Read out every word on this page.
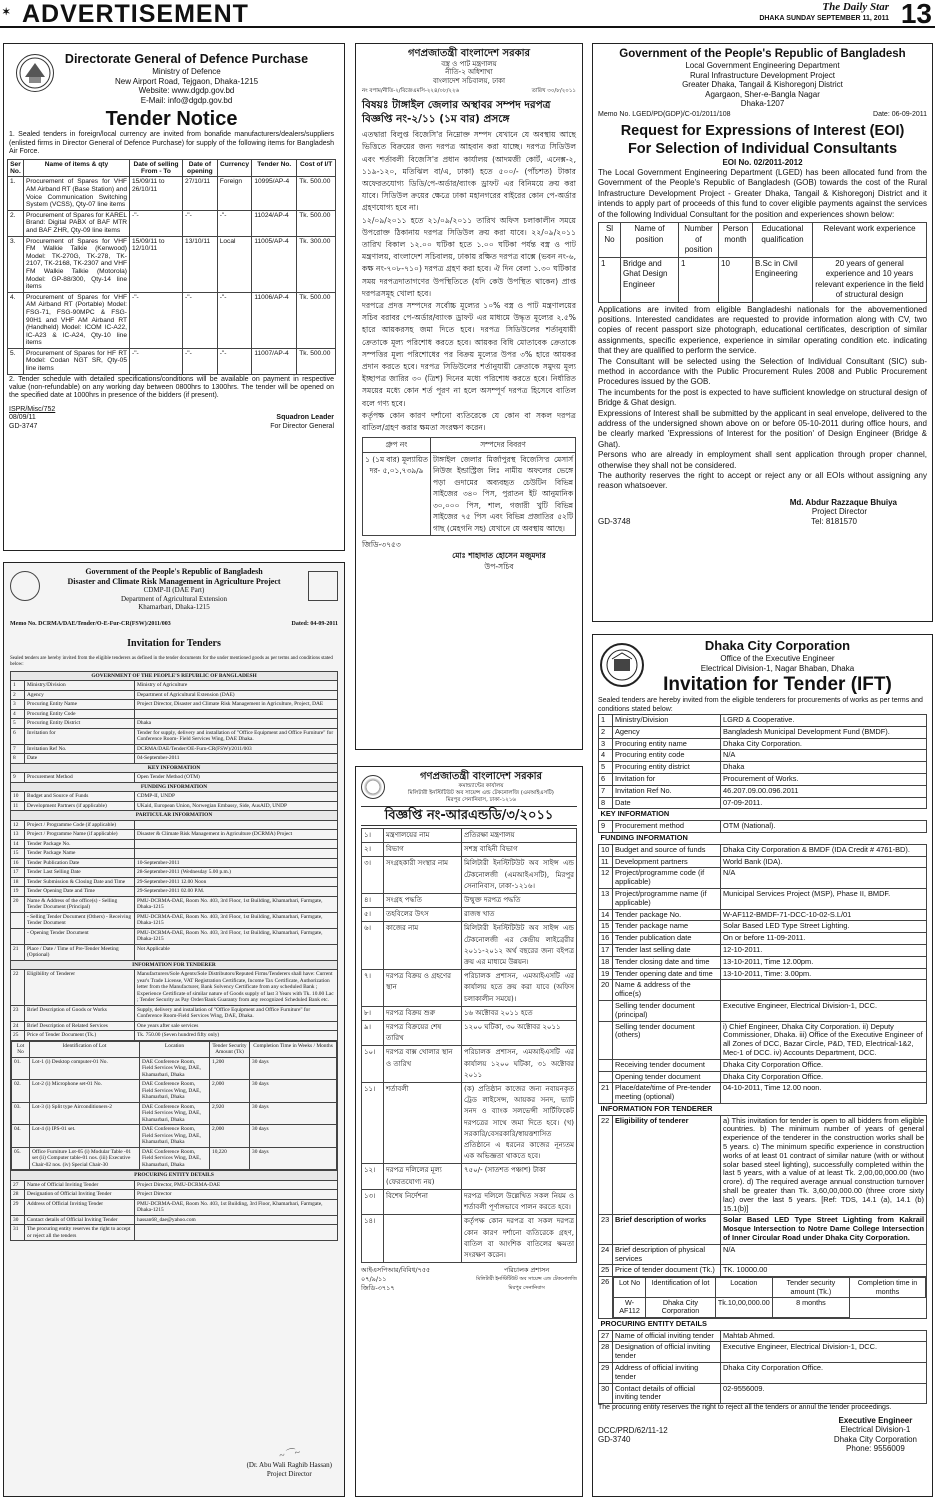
✶ ADVERTISEMENT	The Daily Star
DHAKA SUNDAY SEPTEMBER 11, 2011 13
Directorate General of Defence Purchase
Ministry of Defence
New Airport Road, Tejgaon, Dhaka-1215
Website: www.dgdp.gov.bd
E-Mail: info@dgdp.gov.bd
Tender Notice
1. Sealed tenders in foreign/local currency are invited from bonafide manufacturers/dealers/suppliers (enlisted firms in Director General of Defence Purchase) for supply of the following items for Bangladesh Air Force.
Ser No.	Name of items & qty	Date of selling From - To	Date of opening	Currency	Tender No.	Cost of I/T
1.	Procurement of Spares for VHF AM Airband RT (Base Station) and Voice Communication Switching System (VCSS), Qty-07 line items	15/09/11 to 26/10/11	27/10/11	Foreign	10995/AP-4	Tk. 500.00
2.	Procurement of Spares for KAREL Brand: Digital PABX of BAF MTR and BAF ZHR, Qty-09 line items	-"-	-"-	-"-	11024/AP-4	Tk. 500.00
3.	Procurement of Spares for VHF FM Walkie Talkie (Kenwood) Model: TK-270G, TK-278, TK-2107, TK-2168, TK-2307 and VHF FM Walkie Talkie (Motorola) Model: GP-88/300, Qty-14 line items	15/09/11 to 12/10/11	13/10/11	Local	11005/AP-4	Tk. 300.00
4.	Procurement of Spares for VHF AM Airband RT (Portable) Model: FSG-71, FSG-90MPC & FSG-90H1 and VHF AM Airband RT (Handheld) Model: ICOM IC-A22, IC-A23 & IC-A24, Qty-10 line items	-"-	-"-	-"-	11006/AP-4	Tk. 500.00
5.	Procurement of Spares for HF RT Model: Codan NGT SR, Qty-05 line items	-"-	-"-	-"-	11007/AP-4	Tk. 500.00
2. Tender schedule with detailed specifications/conditions will be available on payment in respective value (non-refundable) on any working day between 0800hrs to 1300hrs. The tender will be opened on the specified date at 1000hrs in presence of the bidders (if present).
ISPR/Misc/752
08/09/11	Squadron Leader
GD-3747	For Director General
Government of the People's Republic of Bangladesh
Disaster and Climate Risk Management in Agriculture Project
CDMP-II (DAE Part)
Department of Agricultural Extension
Khamarbari, Dhaka-1215
Memo No. DCRMA/DAE/Tender/O-E-Fur-CR(FSW)/2011/003	Dated: 04-09-2011
Invitation for Tenders
Sealed tenders are hereby invited from the eligible tenderers as defined in the tender documents for the under mentioned goods as per terms and conditions stated below:
GOVERNMENT OF THE PEOPLE'S REPUBLIC OF BANGLADESH
1	Ministry/Division	Ministry of Agriculture
2	Agency	Department of Agricultural Extension (DAE)
3	Procuring Entity Name	Project Director, Disaster and Climate Risk Management in Agriculture, Project, DAE
4	Procuring Entity Code	
5	Procuring Entity District	Dhaka
6	Invitation for	Tender for supply, delivery and installation of "Office Equipment and Office Furniture" for Conference Room- Field Services Wing, DAE Dhaka.
7	Invitation Ref No.	DCRMA/DAE/Tender/OE-Furn-CR(FSW)/2011/003
8	Date	04-September-2011
KEY INFORMATION
9	Procurement Method	Open Tender Method (OTM)
FUNDING INFORMATION
10	Budget and Source of Funds	CDMP-II, UNDP
11	Development Partners (if applicable)	UKaid, European Union, Norwegian Embassy, Side, AusAID, UNDP
PARTICULAR INFORMATION
12	Project / Programme Code (if applicable)	
13	Project / Programme Name (if applicable)	Disaster & Climate Risk Management in Agriculture (DCRMA) Project
14	Tender Package No.	
15	Tender Package Name	
16	Tender Publication Date	10-September-2011
17	Tender Last Selling Date	28-September-2011 (Wednesday 5.00 p.m.)
18	Tender Submission & Closing Date and Time	29-September-2011 12.00 Noon
19	Tender Opening Date and Time	29-September-2011 02.00 P.M.
20	Name & Address of the office(s) - Selling Tender Document (Principal)	PMU-DCRMA-DAE, Room No. 403, 3rd Floor, 1st Building, Khamarbari, Farmgate, Dhaka-1215
	- Selling Tender Document (Others) - Receiving Tender Document	PMU-DCRMA-DAE, Room No. 403, 3rd Floor, 1st Building, Khamarbari, Farmgate, Dhaka-1215
	- Opening Tender Document	PMU-DCRMA-DAE, Room No. 403, 3rd Floor, 1st Building, Khamarbari, Farmgate, Dhaka-1215
21	Place / Date / Time of Pre-Tender Meeting (Optional)	Not Applicable
INFORMATION FOR TENDERER
22	Eligibility of Tenderer	Manufacturers/Sole Agents/Sole Distributors/Reputed Firms/Tenderers shall have: Current year's Trade License, VAT Registration Certificate, Income Tax Certificate, Authorization letter from the Manufacturer, Bank Solvency Certificate from any scheduled Bank ; Experience Certificate of similar nature of Goods supply of last 3 Years with Tk. 10.00 Lac ; Tender Security as Pay Order/Bank Guaranty from any recognized Scheduled Bank etc.
23	Brief Description of Goods or Works	Supply, delivery and installation of "Office Equipment and Office Furniture" for Conference Room-Field Services Wing, DAE, Dhaka.
24	Brief Description of Related Services	One years after sale services
25	Price of Tender Document (Tk.)	Tk. 750.00 (Seven hundred fifty only)

Lot No	Identification of Lot	Location	Tender Security Amount (Tk)	Completion Time in Weeks / Months
01.	Lot-1 (i) Desktop computer-01 No.	DAE Conference Room, Field Services Wing, DAE, Khamarbari, Dhaka	1,200	30 days
02.	Lot-2 (i) Microphone set-01 No.	DAE Conference Room, Field Services Wing, DAE, Khamarbari, Dhaka	2,000	30 days
03.	Lot-3 (i) Split type Airconditioners-2	DAE Conference Room, Field Services Wing, DAE, Khamarbari, Dhaka	2,920	30 days
04.	Lot-4 (i) IPS-01 set.	DAE Conference Room, Field Services Wing, DAE, Khamarbari, Dhaka	2,000	30 days
05.	Office Furniture Lot-05 (i) Modular Table -01 set (ii) Computer table-01 nos. (iii) Executive Chair-02 nos. (iv) Special Chair-30	DAE Conference Room, Field Services Wing, DAE, Khamarbari, Dhaka	10,220	30 days

PROCURING ENTITY DETAILS
27	Name of Official Inviting Tender	Project Director, PMU-DCRMA-DAE
28	Designation of Official Inviting Tender	Project Director
29	Address of Official Inviting Tender	PMU-DCRMA-DAE, Room No. 403, 1st Building, 3rd Floor, Khamarbari, Farmgate, Dhaka-1215
30	Contact details of Official Inviting Tender	hassan68_dae@yahoo.com
31	The procuring entity reserves the right to accept or reject all the tenders	
~⌒~
(Dr. Abu Wali Raghib Hassan)
Project Director
গণপ্রজাতন্ত্রী বাংলাদেশ সরকার
বস্ত্র ও পাট মন্ত্রণালয়
নীতি-২ অধিশাখা
বাংলাদেশ সচিবালয়, ঢাকা
নং বপাম/নীতি-২/বিজেএমসি-২২৪/০৮/২২৬	তারিখ ৩০/৮/২০১১
বিষয়ঃ টাঙ্গাইল জেলার অস্থাবর সম্পদ দরপত্র বিজ্ঞপ্তি নং-২/১১ (১ম বার) প্রসঙ্গে
এতদ্বারা বিলুপ্ত বিজেসি'র নিম্নোক্ত সম্পদ যেখানে যে অবস্থায় আছে ভিত্তিতে বিক্রয়ের জন্য দরপত্র আহবান করা যাচ্ছে। দরপত্র সিডিউল এবং শর্তাবলী বিজেসি'র প্রধান কার্যালয় (আদমজী কোর্ট, এনেক্স-২, ১১৯-১২০, মতিঝিল বা/এ, ঢাকা) হতে ৫০০/- (পাঁচশত) টাকার অফেরতযোগ্য ডিডি/পে-অর্ডার/ব্যাংক ড্রাফট এর বিনিময়ে ক্রয় করা যাবে। সিডিউল ক্রয়ের ক্ষেত্রে ঢাকা মহানগরের বাইরের কোন পে-অর্ডার গ্রহণযোগ্য হবে না।
১২/০৯/২০১১ হতে ২১/০৯/২০১১ তারিখ অফিস চলাকালীন সময়ে উপরোক্ত ঠিকানায় দরপত্র সিডিউল ক্রয় করা যাবে। ২২/০৯/২০১১ তারিখ বিকাল ১২.০০ ঘটিকা হতে ১.০০ ঘটিকা পর্যন্ত বস্ত্র ও পাট মন্ত্রণালয়, বাংলাদেশ সচিবালয়, ঢাকায় রক্ষিত দরপত্র বাক্সে (ভবন নং-৬, কক্ষ নং-৭০৮-৭১০) দরপত্র গ্রহণ করা হবে। ঐ দিন বেলা ১.৩০ ঘটিকার সময় দরপত্রদাতাগণের উপস্থিতিতে (যদি কেউ উপস্থিত থাকেন) প্রাপ্ত দরপত্রসমূহ খোলা হবে।
দরপত্রে প্রদত্ত সম্পদের সর্বোচ্চ মূল্যের ১০% বস্ত্র ও পাট মন্ত্রণালয়ের সচিব বরাবর পে-অর্ডার/ব্যাংক ড্রাফট এর মাধ্যমে উদ্ধৃত মূল্যের ২.৫% হারে আয়করসহ জমা দিতে হবে। দরপত্র সিডিউলের শর্তানুযায়ী ক্রেতাকে মূল্য পরিশোধ করতে হবে। আয়কর বিধি মোতাবেক ক্রেতাকে সম্পত্তির মূল্য পরিশোধের পর বিক্রয় মূল্যের উপর ৩% হারে আয়কর প্রদান করতে হবে। দরপত্র সিডিউলের শর্তানুযায়ী ক্রেতাকে সমুদয় মূল্য ইচ্ছাপত্র জারির ৩০ (ত্রিশ) দিনের মধ্যে পরিশোধ করতে হবে। নির্ধারিত সময়ের মধ্যে কোন শর্ত পূরণ না হলে অসম্পূর্ণ দরপত্র হিসেবে বাতিল বলে গণ্য হবে।
কর্তৃপক্ষ কোন কারণ দর্শানো ব্যতিরেকে যে কোন বা সকল দরপত্র বাতিল/গ্রহণ করার ক্ষমতা সংরক্ষণ করেন।
গ্রুপ নং	সম্পদের বিবরণ
১ (১ম বার) মূল্যায়িত দর- ৫,০১,৭৩৯/৯	টাঙ্গাইল জেলার মির্জাপুরস্থ বিজেসি'র মেসার্স নিউজ ইন্ডাস্ট্রিজ লিঃ নামীয় অফলের ভেঙ্গে পড়া গুদামের অব্যবহৃত চেউটিন বিভিন্ন সাইজের ৩৪০ পিস, পুরাতন ইট আনুমানিক ৩০,০০০ পিস, শাল, গজারী খুটি বিভিন্ন সাইজের ৭৫ পিস এবং বিভিন্ন প্রজাতির ৫২টি গাছ (মেহগনি সহ) যেখানে যে অবস্থায় আছে।
জিডি-৩৭৫৩
মোঃ শাহাদাত হোসেন মজুমদার
উপ-সচিব
গণপ্রজাতন্ত্রী বাংলাদেশ সরকার
কমান্ড্যান্টের কার্যালয়
মিলিটারী ইনস্টিটিউট অব সায়েন্স এন্ড টেকনোলজি (এমআইএসটি)
মিরপুর সেনানিবাস, ঢাকা-১২১৬
বিজ্ঞপ্তি নং-আরএন্ডডি/৩/২০১১
১।	মন্ত্রণালয়ের নাম	প্রতিরক্ষা মন্ত্রণালয়
২।	বিভাগ	সশস্ত্র বাহিনী বিভাগ
৩।	সংগ্রহকারী সংস্থার নাম	মিলিটারী ইনস্টিটিউট অব সাইন্স এন্ড টেকনোলজী (এমআইএসটি), মিরপুর সেনানিবাস, ঢাকা-১২১৬।
৪।	সংগ্রহ পদ্ধতি	উন্মুক্ত দরপত্র পদ্ধতি
৫।	তহবিলের উৎস	রাজস্ব খাত
৬।	কাজের নাম	মিলিটারী ইনস্টিটিউট অব সাইন্স এন্ড টেকনোলজী এর কেন্দ্রীয় লাইব্রেরীর ২০১১-২০১২ অর্থ বছরের জন্য বইপত্র ক্রয় এর মাধ্যমে উন্নয়ন।
৭।	দরপত্র বিক্রয় ও গ্রহণের স্থান	পরিচালক প্রশাসন, এমআইএসটি এর কার্যালয় হতে ক্রয় করা যাবে (অফিস চলাকালীন সময়ে)।
৮।	দরপত্র বিক্রয় শুরু	১৬ অক্টোবর ২০১১ হতে
৯।	দরপত্র বিক্রয়ের শেষ তারিখ	১২০০ ঘটিকা, ৩০ অক্টোবর ২০১১
১০।	দরপত্র বাক্স খোলার স্থান ও তারিখ	পরিচালক প্রশাসন, এমআইএসটি এর কার্যালয় ১২০০ ঘটিকা, ৩১ অক্টোবর ২০১১
১১।	শর্তাবলী	(ক) প্রতিষ্ঠান কাজের জন্য নবায়নকৃত ট্রেড লাইসেন্স, আয়কর সনদ, ভ্যাট সনদ ও ব্যাংক সলভেন্সী সার্টিফিকেট দরপত্রের সাথে জমা দিতে হবে। (খ) সরকারি/বেসরকারি/স্বায়ত্তশাসিত প্রতিষ্ঠানে এ ধরনের কাজের নূন্যতম এক অভিজ্ঞতা থাকতে হবে।
১২।	দরপত্র দলিলের মূল্য (ফেরতযোগ্য নয়)	৭৫০/- (সাতশত পঞ্চাশ) টাকা
১৩।	বিশেষ নির্দেশনা	দরপত্র দলিলে উল্লেখিত সকল নিয়ম ও শর্তাবলী পূর্ণাঙ্গভাবে পালন করতে হবে।
১৪।		কর্তৃপক্ষ কোন দরপত্র বা সকল দরপত্র কোন কারণ দর্শানো ব্যতিরেকে গ্রহণ, বাতিল বা আংশিক বাতিলের ক্ষমতা সংরক্ষণ করেন।
আইএসপিআর/বিবিধ/৭৫৫
০৭/৯/১১
জিডি-৩৭১৭
পরিচালক প্রশাসন
মিলিটারী ইনস্টিটিউট অব সায়েন্স এন্ড টেকনোলজি
মিরপুর সেনানিবাস
Government of the People's Republic of Bangladesh
Local Government Engineering Department
Rural Infrastructure Development Project
Greater Dhaka, Tangail & Kishoregonj District
Agargaon, Sher-e-Bangla Nagar
Dhaka-1207
Memo No. LGED/PD(GDP)/C-01/2011/108	Date: 06-09-2011
Request for Expressions of Interest (EOI)
For Selection of Individual Consultants
EOI No. 02/2011-2012
The Local Government Engineering Department (LGED) has been allocated fund from the Government of the People's Republic of Bangladesh (GOB) towards the cost of the Rural Infrastructure Development Project - Greater Dhaka, Tangail & Kishoregonj District and it intends to apply part of proceeds of this fund to cover eligible payments against the services of the following Individual Consultant for the position and experiences shown below:
Sl No	Name of position	Number of position	Person month	Educational qualification	Relevant work experience
1	Bridge and Ghat Design Engineer	1	10	B.Sc in Civil Engineering	20 years of general experience and 10 years relevant experience in the field of structural design
Applications are invited from eligible Bangladeshi nationals for the abovementioned positions. Interested candidates are requested to provide information along with CV, two copies of recent passport size photograph, educational certificates, description of similar assignments, specific experience, experience in similar operating condition etc. indicating that they are qualified to perform the service.
The Consultant will be selected using the Selection of Individual Consultant (SIC) sub-method in accordance with the Public Procurement Rules 2008 and Public Procurement Procedures issued by the GOB.
The incumbents for the post is expected to have sufficient knowledge on structural design of Bridge & Ghat design.
Expressions of Interest shall be submitted by the applicant in seal envelope, delivered to the address of the undersigned shown above on or before 05-10-2011 during office hours, and be clearly marked 'Expressions of Interest for the position' of Design Engineer (Bridge & Ghat).
Persons who are already in employment shall sent application through proper channel, otherwise they shall not be considered.
The authority reserves the right to accept or reject any or all EOIs without assigning any reason whatsoever.
Md. Abdur Razzaque Bhuiya
Project Director
GD-3748	Tel: 8181570
Dhaka City Corporation
Office of the Executive Engineer
Electrical Division-1, Nagar Bhaban, Dhaka
Invitation for Tender (IFT)
Sealed tenders are hereby invited from the eligible tenderers for procurements of works as per terms and conditions stated below:
1	Ministry/Division	LGRD & Cooperative.
2	Agency	Bangladesh Municipal Development Fund (BMDF).
3	Procuring entity name	Dhaka City Corporation.
4	Procuring entity code	N/A
5	Procuring entity district	Dhaka
6	Invitation for	Procurement of Works.
7	Invitation Ref No.	46.207.09.00.096.2011
8	Date	07-09-2011.
KEY INFORMATION
9	Procurement method	OTM (National).
FUNDING INFORMATION
10	Budget and source of funds	Dhaka City Corporation & BMDF (IDA Credit # 4761-BD).
11	Development partners	World Bank (IDA).
12	Project/programme code (if applicable)	N/A
13	Project/programme name (if applicable)	Municipal Services Project (MSP), Phase II, BMDF.
14	Tender package No.	W-AF112-BMDF-71-DCC-10-02-S.L/01
15	Tender package name	Solar Based LED Type Street Lighting.
16	Tender publication date	On or before 11-09-2011.
17	Tender last selling date	12-10-2011.
18	Tender closing date and time	13-10-2011, Time 12.00pm.
19	Tender opening date and time	13-10-2011, Time: 3.00pm.
20	Name & address of the office(s)	
	Selling tender document (principal)	Executive Engineer, Electrical Division-1, DCC.
	Selling tender document (others)	i) Chief Engineer, Dhaka City Corporation. ii) Deputy Commissioner, Dhaka. iii) Office of the Executive Engineer of all Zones of DCC, Bazar Circle, P&D, TED, Electrical-1&2, Mec-1 of DCC. iv) Accounts Department, DCC.
	Receiving tender document	Dhaka City Corporation Office.
	Opening tender document	Dhaka City Corporation Office.
21	Place/date/time of Pre-tender meeting (optional)	04-10-2011, Time 12.00 noon.
INFORMATION FOR TENDERER
22	Eligibility of tenderer	a) This invitation for tender is open to all bidders from eligible countries. b) The minimum number of years of general experience of the tenderer in the construction works shall be 5 years. c) The minimum specific experience in construction works of at least 01 contract of similar nature (with or without solar based steel lighting), successfully completed within the last 5 years, with a value of at least Tk. 2,00,00,000.00 (two crore). d) The required average annual construction turnover shall be greater than Tk. 3,60,00,000.00 (three crore sixty lac) over the last 5 years. [Ref: TDS, 14.1 (a), 14.1 (b) 15.1(b)]
23	Brief description of works	Solar Based LED Type Street Lighting from Kakrail Mosque Intersection to Notre Dame College Intersection of Inner Circular Road under Dhaka City Corporation.
24	Brief description of physical services	N/A
25	Price of tender document (Tk.)	TK. 10000.00
26	Lot No	Identification of lot	Location	Tender security amount (Tk.)	Completion time in months
W-AF112	Dhaka City Corporation	Tk.10,00,000.00	8 months

PROCURING ENTITY DETAILS
27	Name of official inviting tender	Mahtab Ahmed.
28	Designation of official inviting tender	Executive Engineer, Electrical Division-1, DCC.
29	Address of official inviting tender	Dhaka City Corporation Office.
30	Contact details of official inviting tender	02-9556009.
The procuring entity reserves the right to reject all the tenders or annul the tender proceedings.
DCC/PRD/62/11-12
GD-3740
Executive Engineer
Electrical Division-1
Dhaka City Corporation
Phone: 9556009
